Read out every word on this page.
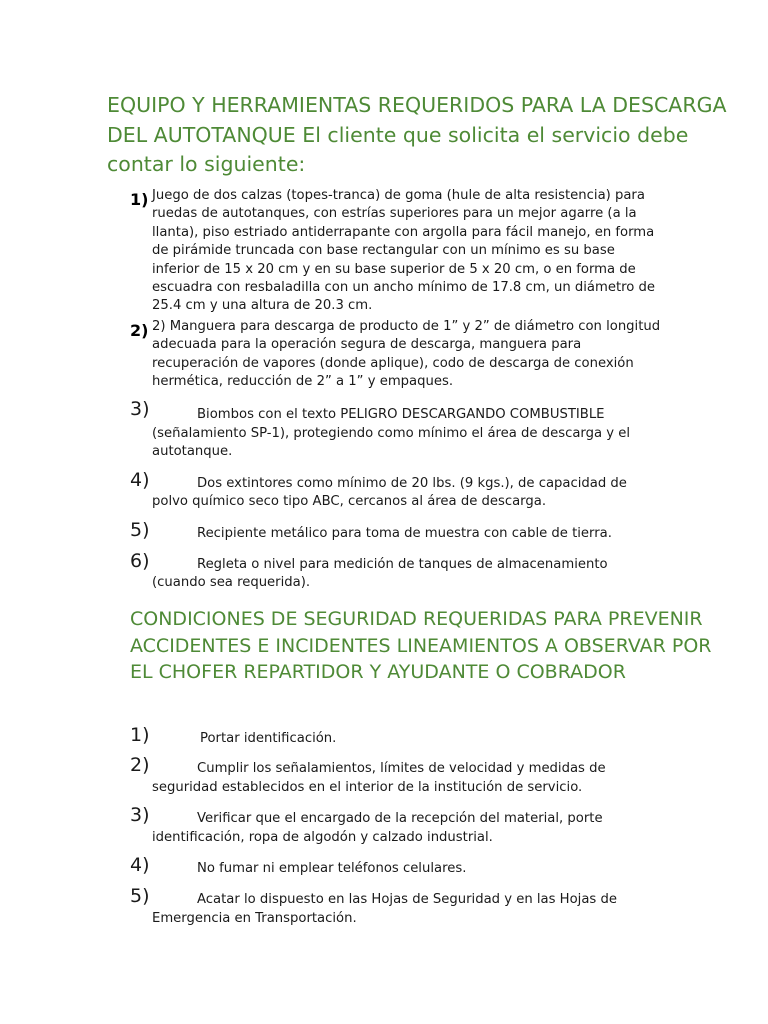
EQUIPO Y HERRAMIENTAS REQUERIDOS PARA LA DESCARGA DEL AUTOTANQUE El cliente que solicita el servicio debe contar lo siguiente:
1) Juego de dos calzas (topes-tranca) de goma (hule de alta resistencia) para ruedas de autotanques, con estrías superiores para un mejor agarre (a la llanta), piso estriado antiderrapante con argolla para fácil manejo, en forma de pirámide truncada con base rectangular con un mínimo es su base inferior de 15 x 20 cm y en su base superior de 5 x 20 cm, o en forma de escuadra con resbaladilla con un ancho mínimo de 17.8 cm, un diámetro de 25.4 cm y una altura de 20.3 cm.
2) 2) Manguera para descarga de producto de 1” y 2” de diámetro con longitud adecuada para la operación segura de descarga, manguera para recuperación de vapores (donde aplique), codo de descarga de conexión hermética, reducción de 2” a 1” y empaques.
3)	Biombos con el texto PELIGRO DESCARGANDO COMBUSTIBLE (señalamiento SP-1), protegiendo como mínimo el área de descarga y el autotanque.
4)	Dos extintores como mínimo de 20 lbs. (9 kgs.), de capacidad de polvo químico seco tipo ABC, cercanos al área de descarga.
5)	Recipiente metálico para toma de muestra con cable de tierra.
6)	Regleta o nivel para medición de tanques de almacenamiento (cuando sea requerida).
CONDICIONES DE SEGURIDAD REQUERIDAS PARA PREVENIR ACCIDENTES E INCIDENTES LINEAMIENTOS A OBSERVAR POR EL CHOFER REPARTIDOR Y AYUDANTE O COBRADOR
1)	Portar identificación.
2)	Cumplir los señalamientos, límites de velocidad y medidas de seguridad establecidos en el interior de la institución de servicio.
3)	Verificar que el encargado de la recepción del material, porte identificación, ropa de algodón y calzado industrial.
4)	No fumar ni emplear teléfonos celulares.
5)	Acatar lo dispuesto en las Hojas de Seguridad y en las Hojas de Emergencia en Transportación.
